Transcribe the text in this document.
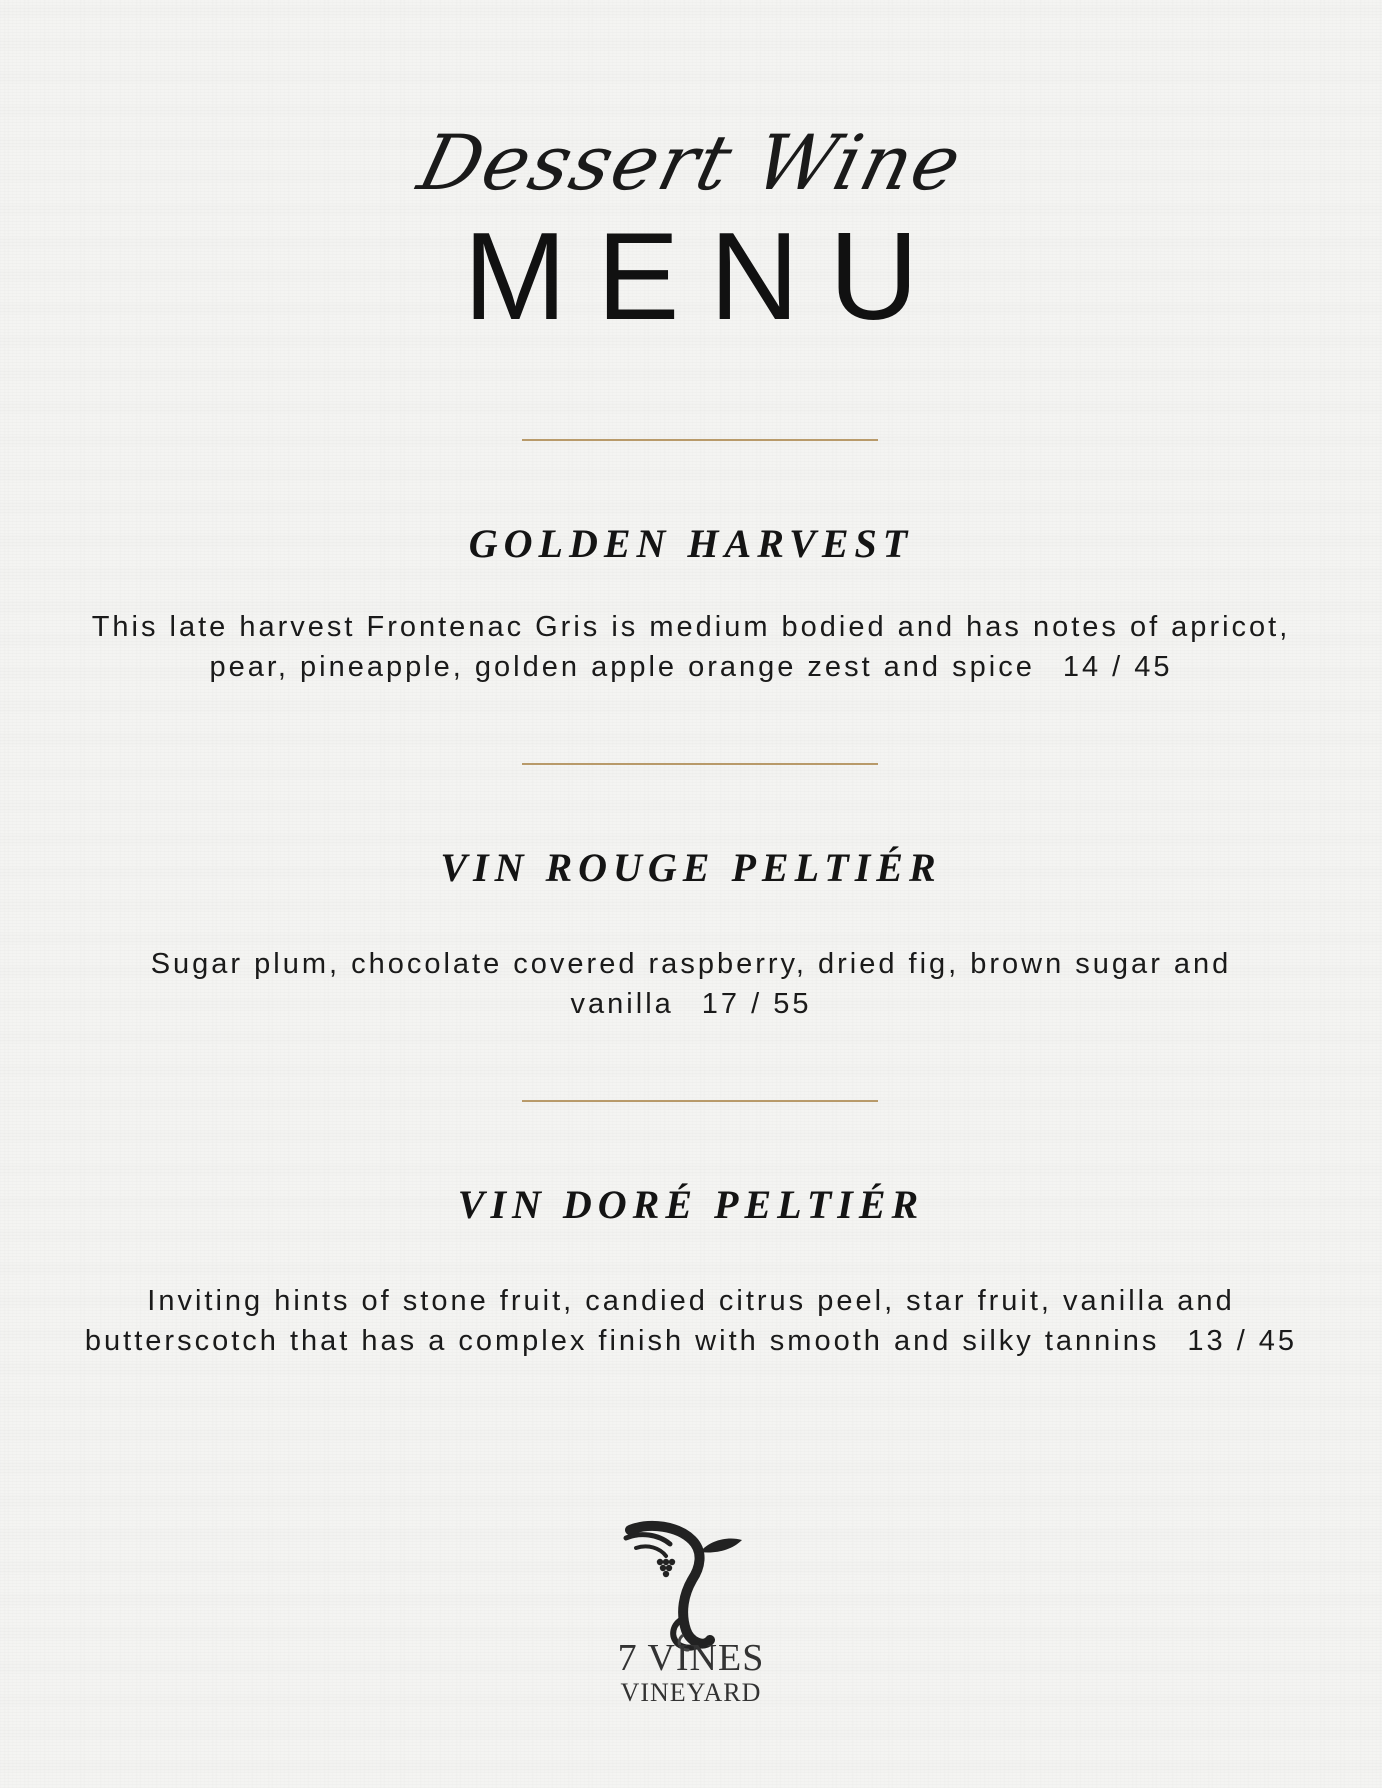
Dessert Wine
MENU
GOLDEN HARVEST
This late harvest Frontenac Gris is medium bodied and has notes of apricot, pear, pineapple, golden apple orange zest and spice 14 / 45
VIN ROUGE PELTIÉR
Sugar plum, chocolate covered raspberry, dried fig, brown sugar and vanilla 17 / 55
VIN DORÉ PELTIÉR
Inviting hints of stone fruit, candied citrus peel, star fruit, vanilla and butterscotch that has a complex finish with smooth and silky tannins 13 / 45
7 VINES
VINEYARD
